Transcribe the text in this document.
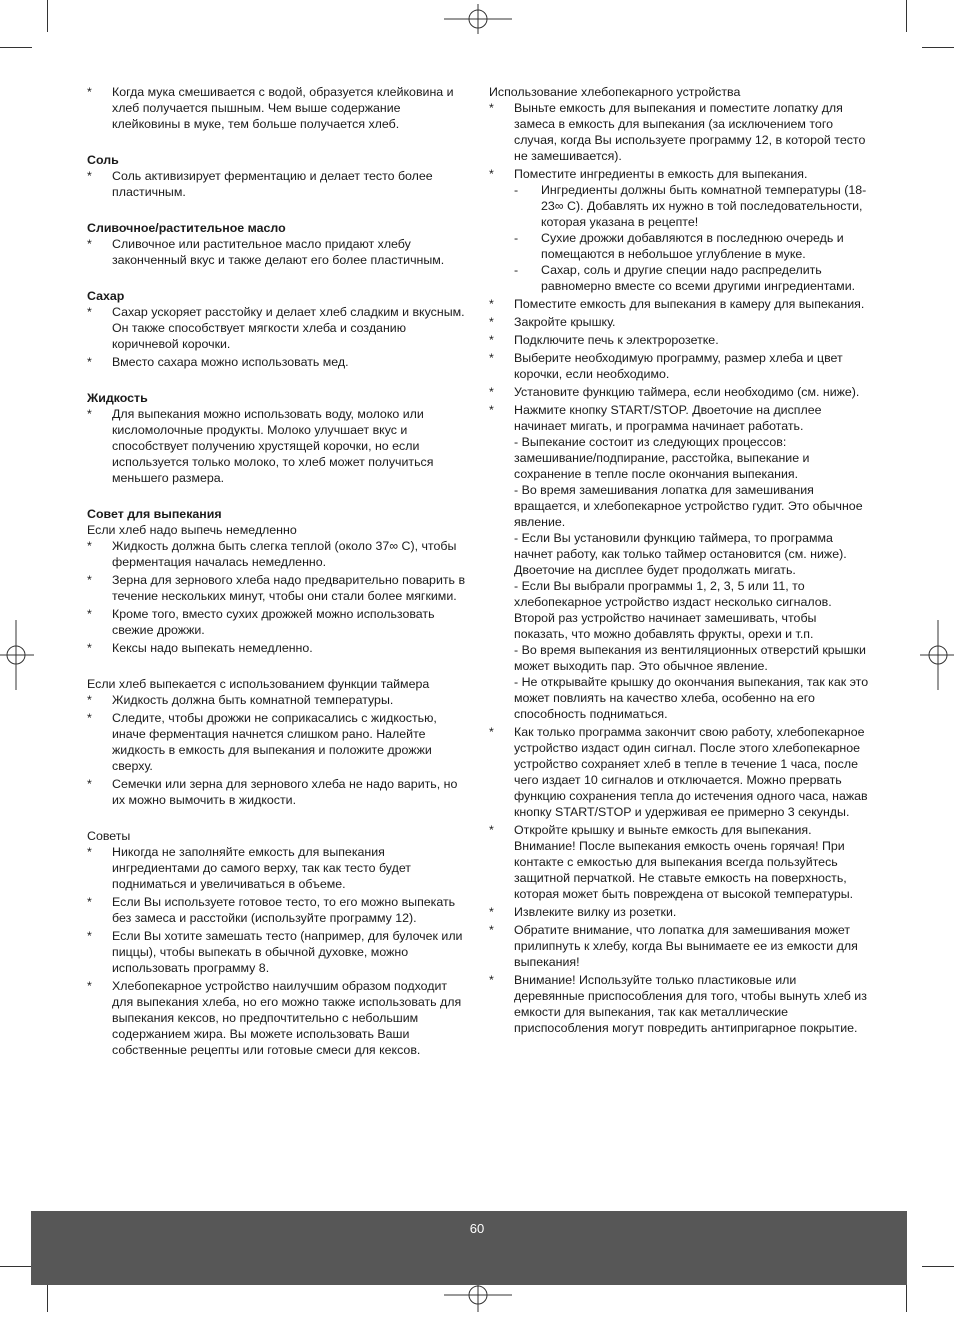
* Когда мука смешивается с водой, образуется клейковина и хлеб получается пышным. Чем выше содержание клейковины в муке, тем больше получается хлеб.
Соль
* Соль активизирует ферментацию и делает тесто более пластичным.
Сливочное/растительное масло
* Сливочное или растительное масло придают хлебу законченный вкус и также делают его более пластичным.
Сахар
* Сахар ускоряет расстойку и делает хлеб сладким и вкусным. Он также способствует мягкости хлеба и созданию коричневой корочки.
* Вместо сахара можно использовать мед.
Жидкость
* Для выпекания можно использовать воду, молоко или кисломолочные продукты. Молоко улучшает вкус и способствует получению хрустящей корочки, но если используется только молоко, то хлеб может получиться меньшего размера.
Совет для выпекания
Если хлеб надо выпечь немедленно
* Жидкость должна быть слегка теплой (около 37∞ C), чтобы ферментация началась немедленно.
* Зерна для зернового хлеба надо предварительно поварить в течение нескольких минут, чтобы они стали более мягкими.
* Кроме того, вместо сухих дрожжей можно использовать свежие дрожжи.
* Кексы надо выпекать немедленно.
Если хлеб выпекается с использованием функции таймера
* Жидкость должна быть комнатной температуры.
* Следите, чтобы дрожжи не соприкасались с жидкостью, иначе ферментация начнется слишком рано. Налейте жидкость в емкость для выпекания и положите дрожжи сверху.
* Семечки или зерна для зернового хлеба не надо варить, но их можно вымочить в жидкости.
Советы
* Никогда не заполняйте емкость для выпекания ингредиентами до самого верху, так как тесто будет подниматься и увеличиваться в объеме.
* Если Вы используете готовое тесто, то его можно выпекать без замеса и расстойки (используйте программу 12).
* Если Вы хотите замешать тесто (например, для булочек или пиццы), чтобы выпекать в обычной духовке, можно использовать программу 8.
* Хлебопекарное устройство наилучшим образом подходит для выпекания хлеба, но его можно также использовать для выпекания кексов, но предпочтительно с небольшим содержанием жира. Вы можете использовать Ваши собственные рецепты или готовые смеси для кексов.
Использование хлебопекарного устройства
* Выньте емкость для выпекания и поместите лопатку для замеса в емкость для выпекания (за исключением того случая, когда Вы используете программу 12, в которой тесто не замешивается).
* Поместите ингредиенты в емкость для выпекания.
- Ингредиенты должны быть комнатной температуры (18-23∞ C). Добавлять их нужно в той последовательности, которая указана в рецепте!
- Сухие дрожжи добавляются в последнюю очередь и помещаются в небольшое углубление в муке.
- Сахар, соль и другие специи надо распределить равномерно вместе со всеми другими ингредиентами.
* Поместите емкость для выпекания в камеру для выпекания.
* Закройте крышку.
* Подключите печь к электророзетке.
* Выберите необходимую программу, размер хлеба и цвет корочки, если необходимо.
* Установите функцию таймера, если необходимо (см. ниже).
* Нажмите кнопку START/STOP. Двоеточие на дисплее начинает мигать, и программа начинает работать.
- Выпекание состоит из следующих процессов: замешивание/подпирание, расстойка, выпекание и сохранение в тепле после окончания выпекания.
- Во время замешивания лопатка для замешивания вращается, и хлебопекарное устройство гудит. Это обычное явление.
- Если Вы установили функцию таймера, то программа начнет работу, как только таймер остановится (см. ниже). Двоеточие на дисплее будет продолжать мигать.
- Если Вы выбрали программы 1, 2, 3, 5 или 11, то хлебопекарное устройство издаст несколько сигналов. Второй раз устройство начинает замешивать, чтобы показать, что можно добавлять фрукты, орехи и т.п.
- Во время выпекания из вентиляционных отверстий крышки может выходить пар. Это обычное явление.
- Не открывайте крышку до окончания выпекания, так как это может повлиять на качество хлеба, особенно на его способность подниматься.
* Как только программа закончит свою работу, хлебопекарное устройство издаст один сигнал. После этого хлебопекарное устройство сохраняет хлеб в тепле в течение 1 часа, после чего издает 10 сигналов и отключается. Можно прервать функцию сохранения тепла до истечения одного часа, нажав кнопку START/STOP и удерживая ее примерно 3 секунды.
* Откройте крышку и выньте емкость для выпекания. Внимание! После выпекания емкость очень горячая! При контакте с емкостью для выпекания всегда пользуйтесь защитной перчаткой. Не ставьте емкость на поверхность, которая может быть повреждена от высокой температуры.
* Извлеките вилку из розетки.
* Обратите внимание, что лопатка для замешивания может прилипнуть к хлебу, когда Вы вынимаете ее из емкости для выпекания!
* Внимание! Используйте только пластиковые или деревянные приспособления для того, чтобы вынуть хлеб из емкости для выпекания, так как металлические приспособления могут повредить антипригарное покрытие.
60
